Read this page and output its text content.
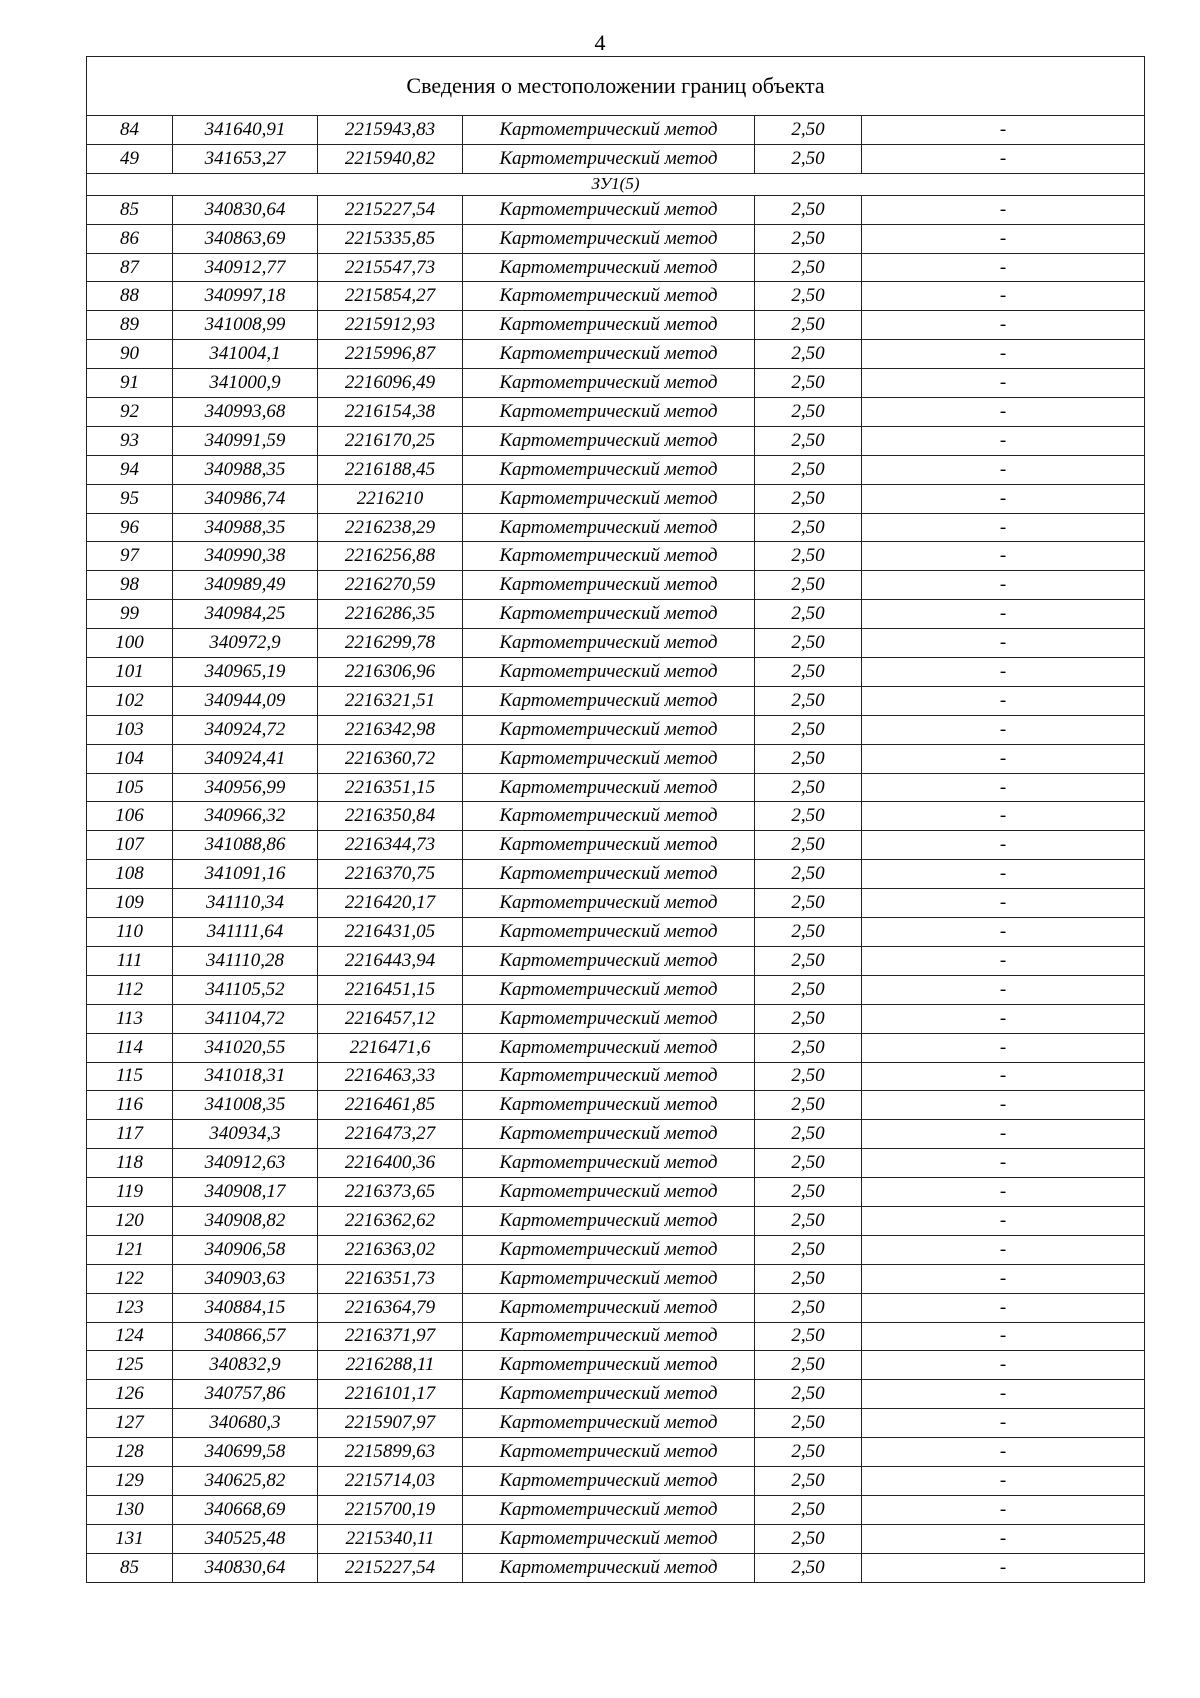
4
Сведения о местоположении границ объекта					
84	341640,91	2215943,83	Картометрический метод	2,50	-
49	341653,27	2215940,82	Картометрический метод	2,50	-
ЗУ1(5)					
85	340830,64	2215227,54	Картометрический метод	2,50	-
86	340863,69	2215335,85	Картометрический метод	2,50	-
87	340912,77	2215547,73	Картометрический метод	2,50	-
88	340997,18	2215854,27	Картометрический метод	2,50	-
89	341008,99	2215912,93	Картометрический метод	2,50	-
90	341004,1	2215996,87	Картометрический метод	2,50	-
91	341000,9	2216096,49	Картометрический метод	2,50	-
92	340993,68	2216154,38	Картометрический метод	2,50	-
93	340991,59	2216170,25	Картометрический метод	2,50	-
94	340988,35	2216188,45	Картометрический метод	2,50	-
95	340986,74	2216210	Картометрический метод	2,50	-
96	340988,35	2216238,29	Картометрический метод	2,50	-
97	340990,38	2216256,88	Картометрический метод	2,50	-
98	340989,49	2216270,59	Картометрический метод	2,50	-
99	340984,25	2216286,35	Картометрический метод	2,50	-
100	340972,9	2216299,78	Картометрический метод	2,50	-
101	340965,19	2216306,96	Картометрический метод	2,50	-
102	340944,09	2216321,51	Картометрический метод	2,50	-
103	340924,72	2216342,98	Картометрический метод	2,50	-
104	340924,41	2216360,72	Картометрический метод	2,50	-
105	340956,99	2216351,15	Картометрический метод	2,50	-
106	340966,32	2216350,84	Картометрический метод	2,50	-
107	341088,86	2216344,73	Картометрический метод	2,50	-
108	341091,16	2216370,75	Картометрический метод	2,50	-
109	341110,34	2216420,17	Картометрический метод	2,50	-
110	341111,64	2216431,05	Картометрический метод	2,50	-
111	341110,28	2216443,94	Картометрический метод	2,50	-
112	341105,52	2216451,15	Картометрический метод	2,50	-
113	341104,72	2216457,12	Картометрический метод	2,50	-
114	341020,55	2216471,6	Картометрический метод	2,50	-
115	341018,31	2216463,33	Картометрический метод	2,50	-
116	341008,35	2216461,85	Картометрический метод	2,50	-
117	340934,3	2216473,27	Картометрический метод	2,50	-
118	340912,63	2216400,36	Картометрический метод	2,50	-
119	340908,17	2216373,65	Картометрический метод	2,50	-
120	340908,82	2216362,62	Картометрический метод	2,50	-
121	340906,58	2216363,02	Картометрический метод	2,50	-
122	340903,63	2216351,73	Картометрический метод	2,50	-
123	340884,15	2216364,79	Картометрический метод	2,50	-
124	340866,57	2216371,97	Картометрический метод	2,50	-
125	340832,9	2216288,11	Картометрический метод	2,50	-
126	340757,86	2216101,17	Картометрический метод	2,50	-
127	340680,3	2215907,97	Картометрический метод	2,50	-
128	340699,58	2215899,63	Картометрический метод	2,50	-
129	340625,82	2215714,03	Картометрический метод	2,50	-
130	340668,69	2215700,19	Картометрический метод	2,50	-
131	340525,48	2215340,11	Картометрический метод	2,50	-
85	340830,64	2215227,54	Картометрический метод	2,50	-
